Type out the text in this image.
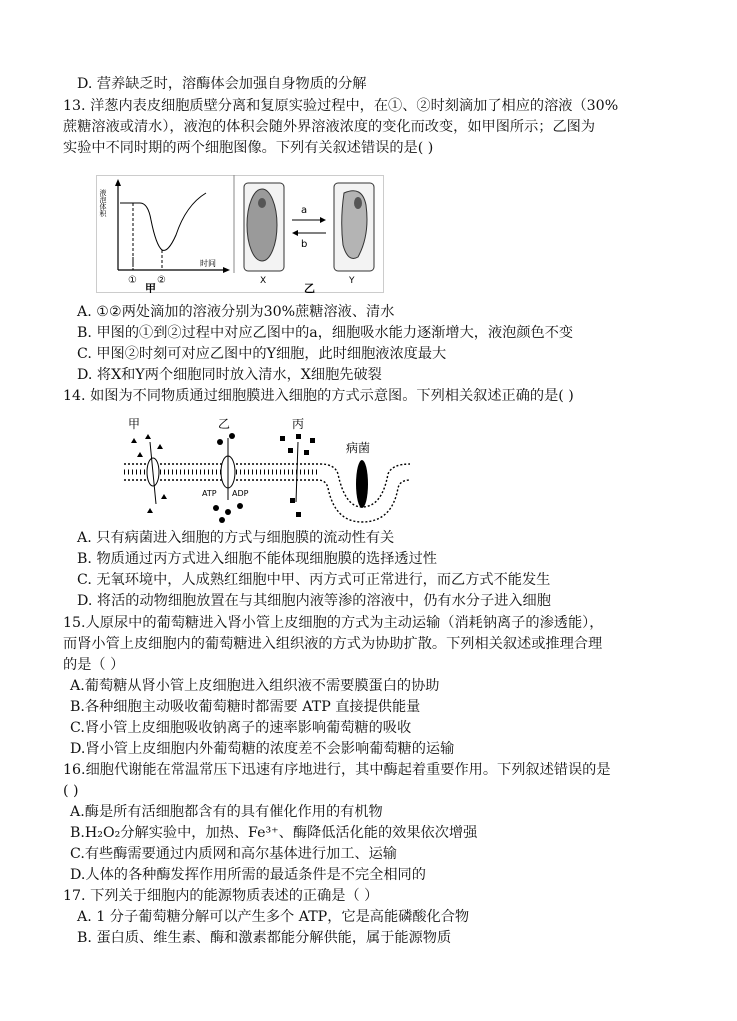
D. 营养缺乏时，溶酶体会加强自身物质的分解
13. 洋葱内表皮细胞质壁分离和复原实验过程中，在①、②时刻滴加了相应的溶液（30%
蔗糖溶液或清水），液泡的体积会随外界溶液浓度的变化而改变，如甲图所示；乙图为
实验中不同时期的两个细胞图像。下列有关叙述错误的是( )
液泡体积
时间
① ②
甲
X
a
b
Y
乙
A. ①②两处滴加的溶液分别为30%蔗糖溶液、清水
B. 甲图的①到②过程中对应乙图中的a，细胞吸水能力逐渐增大，液泡颜色不变
C. 甲图②时刻可对应乙图中的Y细胞，此时细胞液浓度最大
D. 将X和Y两个细胞同时放入清水，X细胞先破裂
14. 如图为不同物质通过细胞膜进入细胞的方式示意图。下列相关叙述正确的是( )
甲	乙	丙
病菌
ATP ADP
A. 只有病菌进入细胞的方式与细胞膜的流动性有关
B. 物质通过丙方式进入细胞不能体现细胞膜的选择透过性
C. 无氧环境中，人成熟红细胞中甲、丙方式可正常进行，而乙方式不能发生
D. 将活的动物细胞放置在与其细胞内液等渗的溶液中，仍有水分子进入细胞
15.人原尿中的葡萄糖进入肾小管上皮细胞的方式为主动运输（消耗钠离子的渗透能），
而肾小管上皮细胞内的葡萄糖进入组织液的方式为协助扩散。下列相关叙述或推理合理
的是（ ）
A.葡萄糖从肾小管上皮细胞进入组织液不需要膜蛋白的协助
B.各种细胞主动吸收葡萄糖时都需要 ATP 直接提供能量
C.肾小管上皮细胞吸收钠离子的速率影响葡萄糖的吸收
D.肾小管上皮细胞内外葡萄糖的浓度差不会影响葡萄糖的运输
16.细胞代谢能在常温常压下迅速有序地进行，其中酶起着重要作用。下列叙述错误的是
( )
A.酶是所有活细胞都含有的具有催化作用的有机物
B.H₂O₂分解实验中，加热、Fe³⁺、酶降低活化能的效果依次增强
C.有些酶需要通过内质网和高尔基体进行加工、运输
D.人体的各种酶发挥作用所需的最适条件是不完全相同的
17. 下列关于细胞内的能源物质表述的正确是（ ）
A. 1 分子葡萄糖分解可以产生多个 ATP，它是高能磷酸化合物
B. 蛋白质、维生素、酶和激素都能分解供能，属于能源物质
